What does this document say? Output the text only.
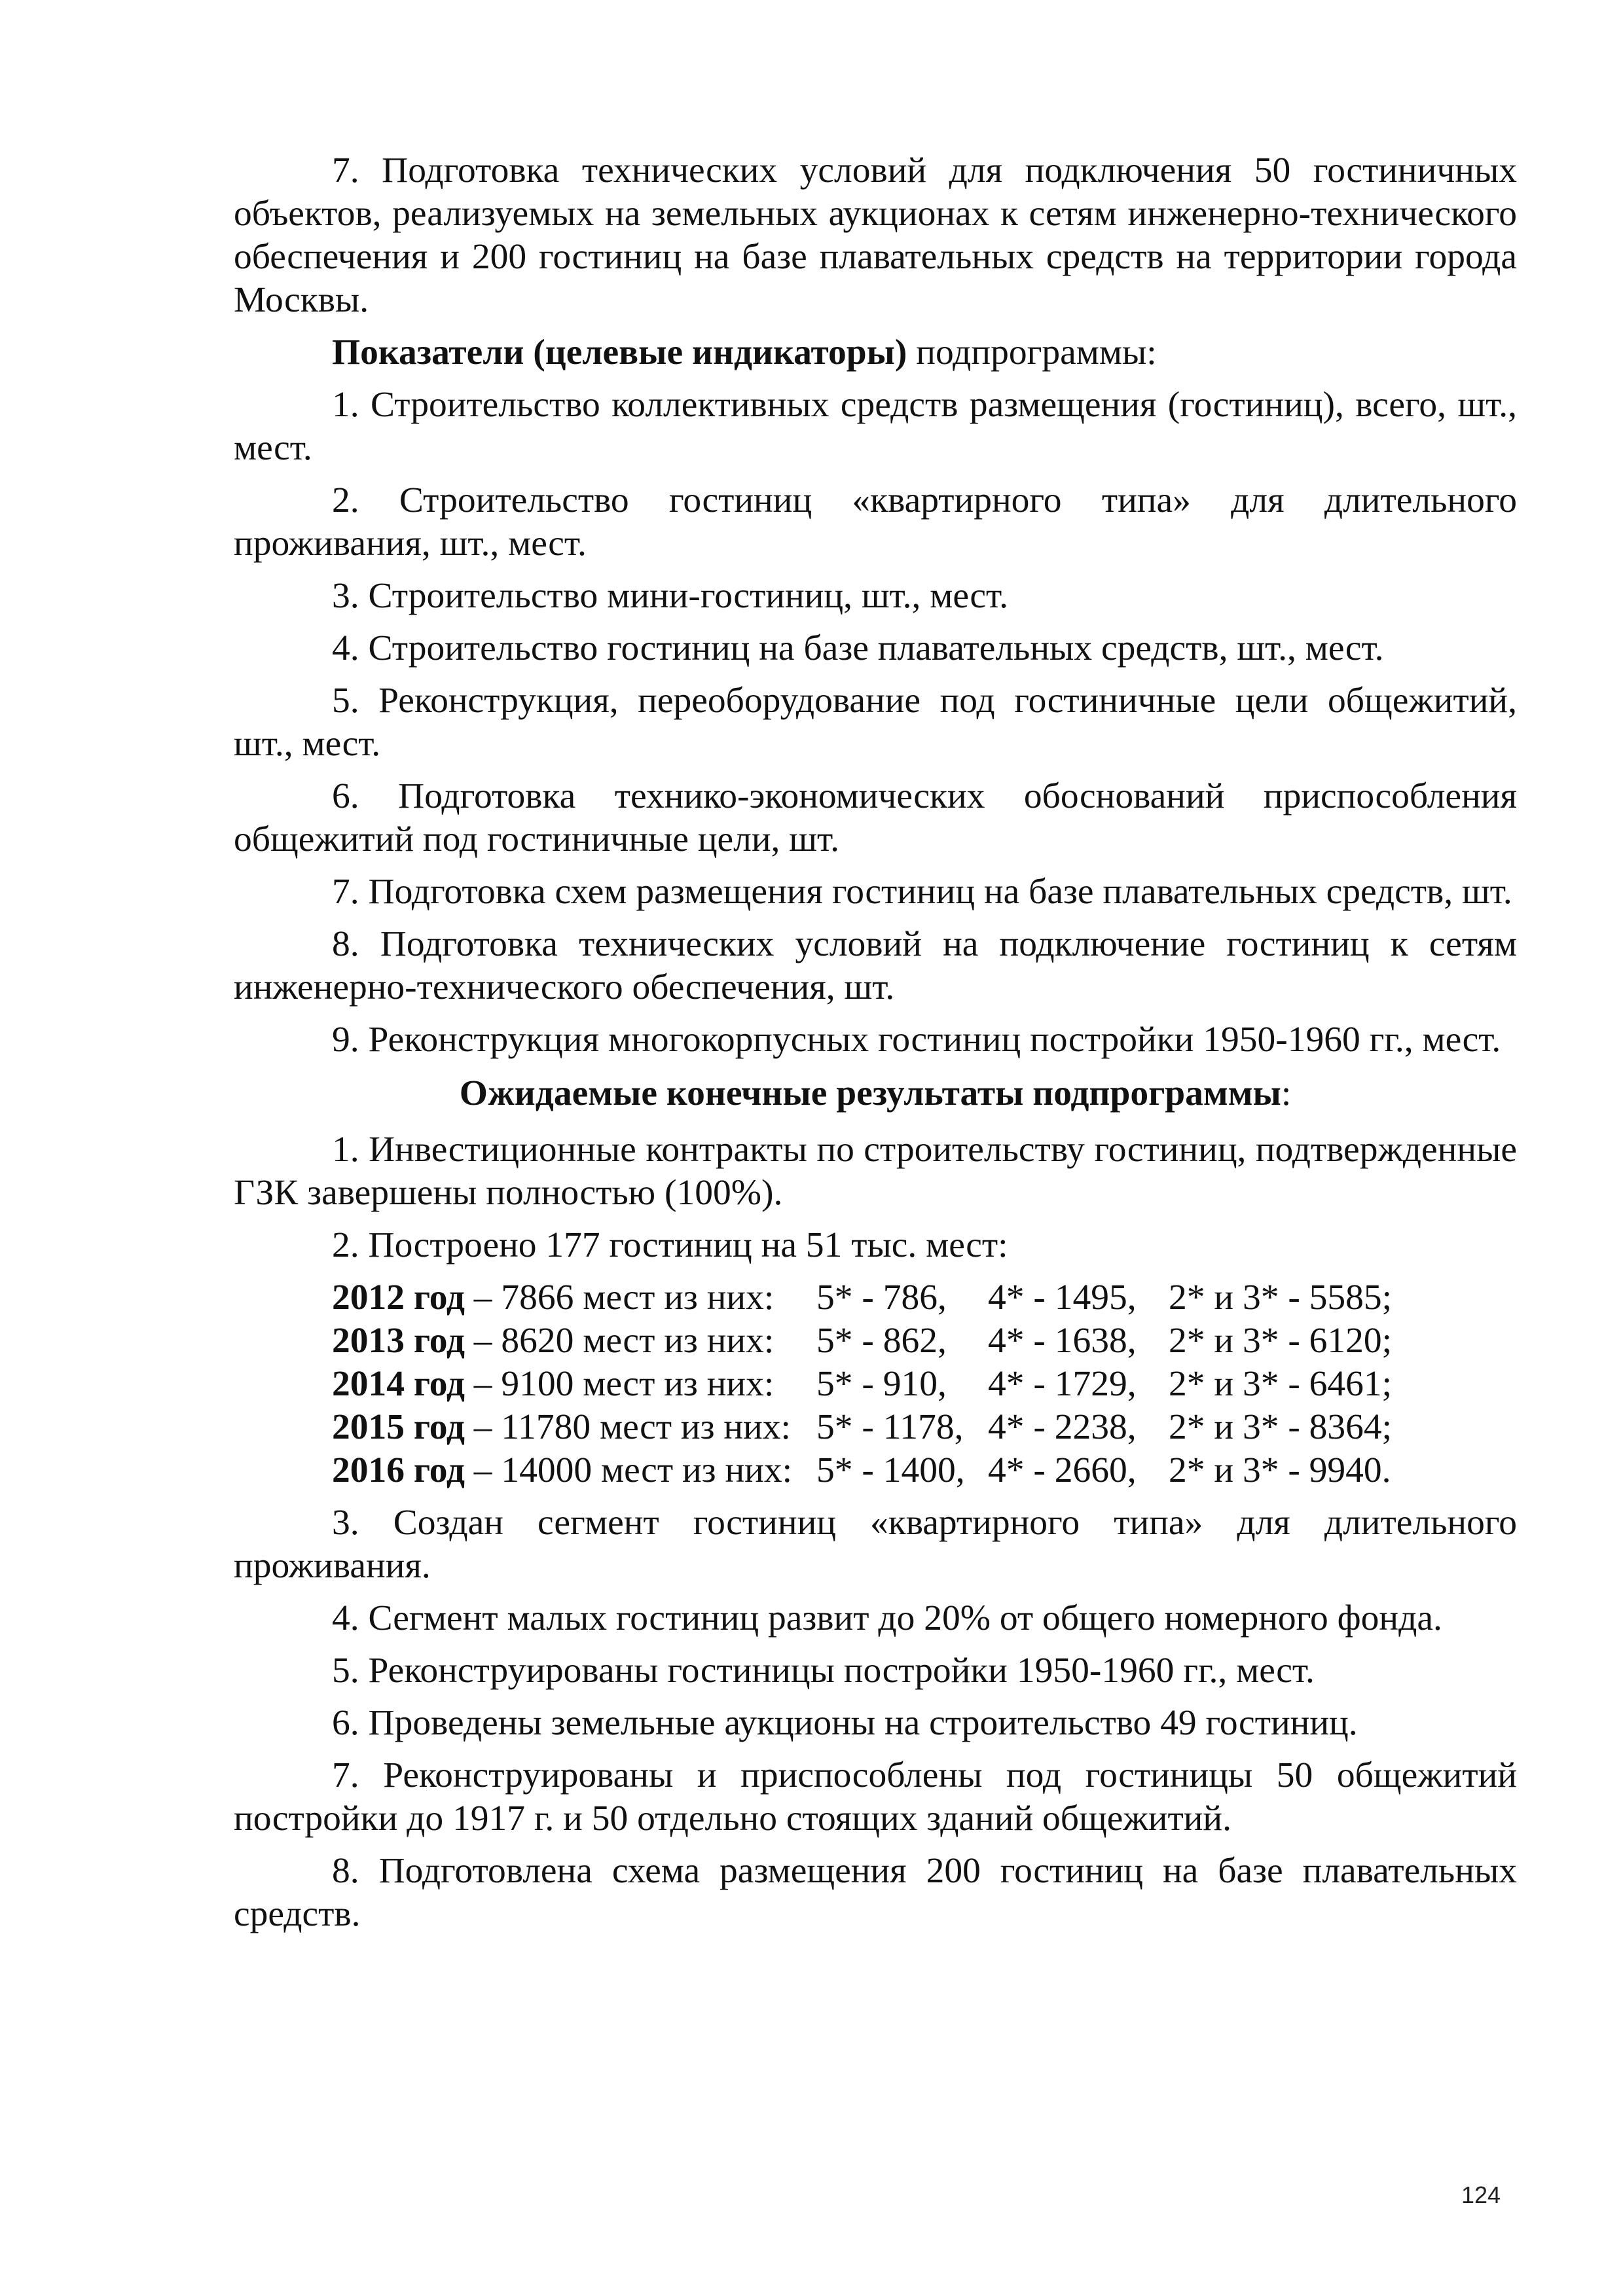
7. Подготовка технических условий для подключения 50 гостиничных объектов, реализуемых на земельных аукционах к сетям инженерно-технического обеспечения и 200 гостиниц на базе плавательных средств на территории города Москвы.

Показатели (целевые индикаторы) подпрограммы:

1. Строительство коллективных средств размещения (гостиниц), всего, шт., мест.

2. Строительство гостиниц «квартирного типа» для длительного проживания, шт., мест.

3. Строительство мини-гостиниц, шт., мест.

4. Строительство гостиниц на базе плавательных средств, шт., мест.

5. Реконструкция, переоборудование под гостиничные цели общежитий, шт., мест.

6. Подготовка технико-экономических обоснований приспособления общежитий под гостиничные цели, шт.

7. Подготовка схем размещения гостиниц на базе плавательных средств, шт.

8. Подготовка технических условий на подключение гостиниц к сетям инженерно-технического обеспечения, шт.

9. Реконструкция многокорпусных гостиниц постройки 1950-1960 гг., мест.

Ожидаемые конечные результаты подпрограммы:

1. Инвестиционные контракты по строительству гостиниц, подтвержденные ГЗК завершены полностью (100%).

2. Построено 177 гостиниц на 51 тыс. мест:

2012 год – 7866 мест из них:	5* - 786,	4* - 1495, 2* и 3* - 5585;
2013 год – 8620 мест из них:	5* - 862,	4* - 1638, 2* и 3* - 6120;
2014 год – 9100 мест из них:	5* - 910,	4* - 1729, 2* и 3* - 6461;
2015 год – 11780 мест из них: 5* - 1178, 4* - 2238, 2* и 3* - 8364;
2016 год – 14000 мест из них: 5* - 1400, 4* - 2660, 2* и 3* - 9940.

3. Создан сегмент гостиниц «квартирного типа» для длительного проживания.

4. Сегмент малых гостиниц развит до 20% от общего номерного фонда.

5. Реконструированы гостиницы постройки 1950-1960 гг., мест.

6. Проведены земельные аукционы на строительство 49 гостиниц.

7. Реконструированы и приспособлены под гостиницы 50 общежитий постройки до 1917 г. и 50 отдельно стоящих зданий общежитий.

8. Подготовлена схема размещения 200 гостиниц на базе плавательных средств.

124
